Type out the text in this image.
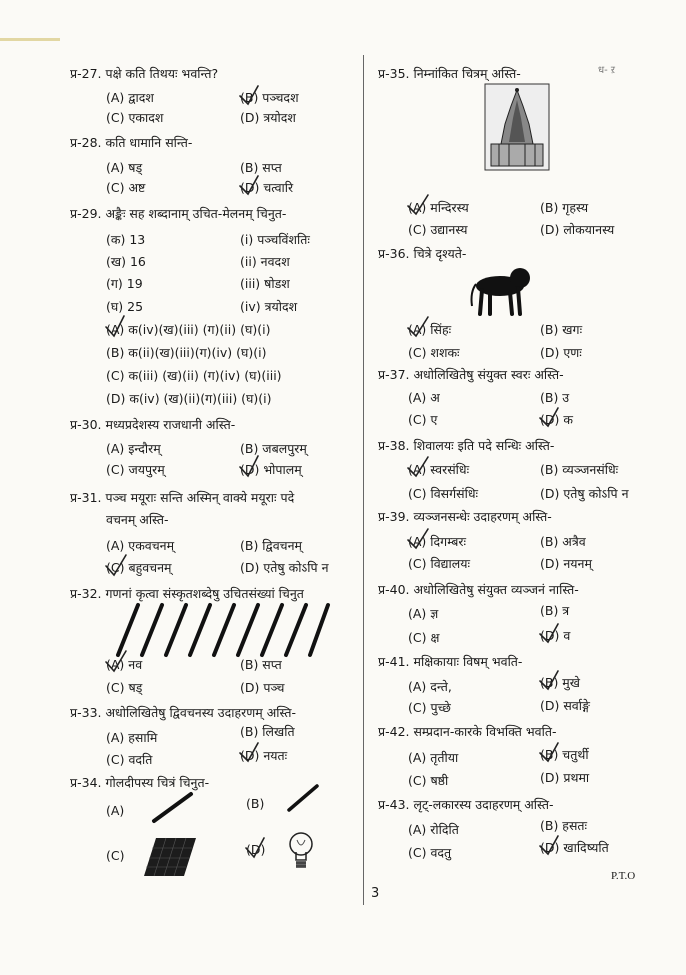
ध- ऱ
प्र-27. पक्षे कति तिथयः भवन्ति?
(A) द्वादश	(B) पञ्चदश
(C) एकादश	(D) त्रयोदश
प्र-28. कति धामानि सन्ति-
(A) षड्	(B) सप्त
(C) अष्ट	(D) चत्वारि
प्र-29. अङ्कैः सह शब्दानाम् उचित-मेलनम् चिनुत-
(क) 13	(i) पञ्चविंशतिः
(ख) 16	(ii) नवदश
(ग) 19	(iii) षोडश
(घ) 25	(iv) त्रयोदश
(A) क(iv)(ख)(iii) (ग)(ii) (घ)(i)
(B) क(ii)(ख)(iii)(ग)(iv) (घ)(i)
(C) क(iii) (ख)(ii) (ग)(iv) (घ)(iii)
(D) क(iv) (ख)(ii)(ग)(iii) (घ)(i)
प्र-30. मध्यप्रदेशस्य राजधानी अस्ति-
(A) इन्दौरम्	(B) जबलपुरम्
(C) जयपुरम्	(D) भोपालम्
प्र-31. पञ्च मयूराः सन्ति अस्मिन् वाक्ये मयूराः पदे
वचनम् अस्ति-
(A) एकवचनम्	(B) द्विवचनम्
(C) बहुवचनम्	(D) एतेषु कोऽपि न
प्र-32. गणनां कृत्वा संस्कृतशब्देषु उचितसंख्यां चिनुत
(A) नव	(B) सप्त
(C) षड्	(D) पञ्च
प्र-33. अधोलिखितेषु द्विवचनस्य उदाहरणम् अस्ति-
(A) हसामि	(B) लिखति
(C) वदति	(D) नयतः
प्र-34. गोलदीपस्य चित्रं चिनुत-
(A)	(B)
(C)	(D)
प्र-35. निम्नांकित चित्रम् अस्ति-
(A) मन्दिरस्य	(B) गृहस्य
(C) उद्यानस्य	(D) लोकयानस्य
प्र-36. चित्रे दृश्यते-
(A) सिंहः	(B) खगः
(C) शशकः	(D) एणः
प्र-37. अधोलिखितेषु संयुक्त स्वरः अस्ति-
(A) अ	(B) उ
(C) ए	(D) क
प्र-38. शिवालयः इति पदे सन्धिः अस्ति-
(A) स्वरसंधिः	(B) व्यञ्जनसंधिः
(C) विसर्गसंधिः	(D) एतेषु कोऽपि न
प्र-39. व्यञ्जनसन्धेः उदाहरणम् अस्ति-
(A) दिगम्बरः	(B) अत्रैव
(C) विद्यालयः	(D) नयनम्
प्र-40. अधोलिखितेषु संयुक्त व्यञ्जनं नास्ति-
(A) ज्ञ	(B) त्र
(C) क्ष	(D) व
प्र-41. मक्षिकायाः विषम् भवति-
(A) दन्ते,	(B) मुखे
(C) पुच्छे	(D) सर्वाङ्गे
प्र-42. सम्प्रदान-कारके विभक्ति भवति-
(A) तृतीया	(B) चतुर्थी
(C) षष्ठी	(D) प्रथमा
प्र-43. लृट्-लकारस्य उदाहरणम् अस्ति-
(A) रोदिति	(B) हसतः
(C) वदतु	(D) खादिष्यति
P.T.O
3
